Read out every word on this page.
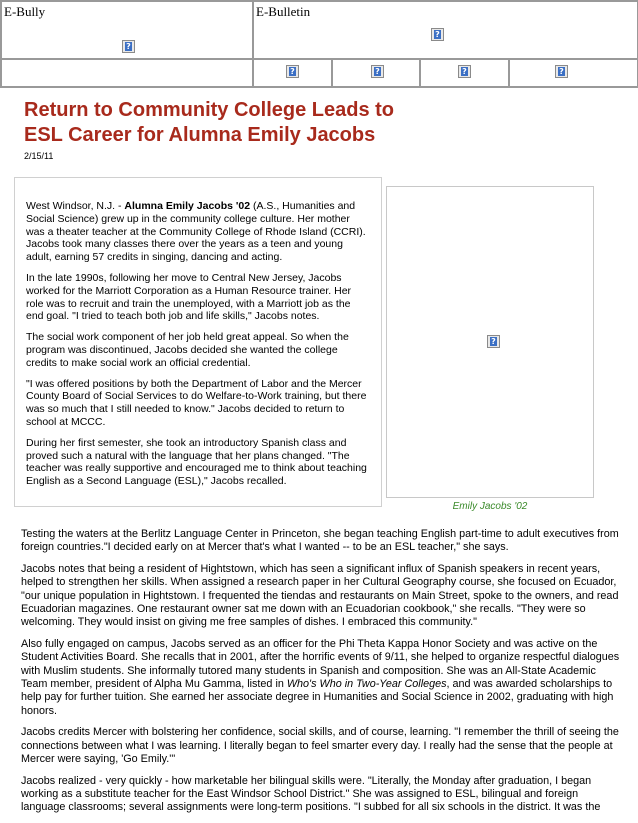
E-Bully
?	E-Bulletin
?
?
?
?
?
Return to Community College Leads to
ESL Career for Alumna Emily Jacobs
2/15/11

West Windsor, N.J. - Alumna Emily Jacobs '02 (A.S., Humanities and Social Science) grew up in the community college culture. Her mother was a theater teacher at the Community College of Rhode Island (CCRI). Jacobs took many classes there over the years as a teen and young adult, earning 57 credits in singing, dancing and acting.

In the late 1990s, following her move to Central New Jersey, Jacobs worked for the Marriott Corporation as a Human Resource trainer. Her role was to recruit and train the unemployed, with a Marriott job as the end goal. "I tried to teach both job and life skills," Jacobs notes.

The social work component of her job held great appeal. So when the program was discontinued, Jacobs decided she wanted the college credits to make social work an official credential.

"I was offered positions by both the Department of Labor and the Mercer County Board of Social Services to do Welfare-to-Work training, but there was so much that I still needed to know." Jacobs decided to return to school at MCCC.

During her first semester, she took an introductory Spanish class and proved such a natural with the language that her plans changed. "The teacher was really supportive and encouraged me to think about teaching English as a Second Language (ESL)," Jacobs recalled.

?
Emily Jacobs '02

Testing the waters at the Berlitz Language Center in Princeton, she began teaching English part-time to adult executives from foreign countries."I decided early on at Mercer that's what I wanted -- to be an ESL teacher," she says.

Jacobs notes that being a resident of Hightstown, which has seen a significant influx of Spanish speakers in recent years, helped to strengthen her skills. When assigned a research paper in her Cultural Geography course, she focused on Ecuador, "our unique population in Hightstown. I frequented the tiendas and restaurants on Main Street, spoke to the owners, and read Ecuadorian magazines. One restaurant owner sat me down with an Ecuadorian cookbook," she recalls. "They were so welcoming. They would insist on giving me free samples of dishes. I embraced this community."

Also fully engaged on campus, Jacobs served as an officer for the Phi Theta Kappa Honor Society and was active on the Student Activities Board. She recalls that in 2001, after the horrific events of 9/11, she helped to organize respectful dialogues with Muslim students. She informally tutored many students in Spanish and composition. She was an All-State Academic Team member, president of Alpha Mu Gamma, listed in Who's Who in Two-Year Colleges, and was awarded scholarships to help pay for further tuition. She earned her associate degree in Humanities and Social Science in 2002, graduating with high honors.

Jacobs credits Mercer with bolstering her confidence, social skills, and of course, learning. "I remember the thrill of seeing the connections between what I was learning. I literally began to feel smarter every day. I really had the sense that the people at Mercer were saying, 'Go Emily.'"

Jacobs realized - very quickly - how marketable her bilingual skills were. "Literally, the Monday after graduation, I began working as a substitute teacher for the East Windsor School District." She was assigned to ESL, bilingual and foreign language classrooms; several assignments were long-term positions. "I subbed for all six schools in the district. It was the
